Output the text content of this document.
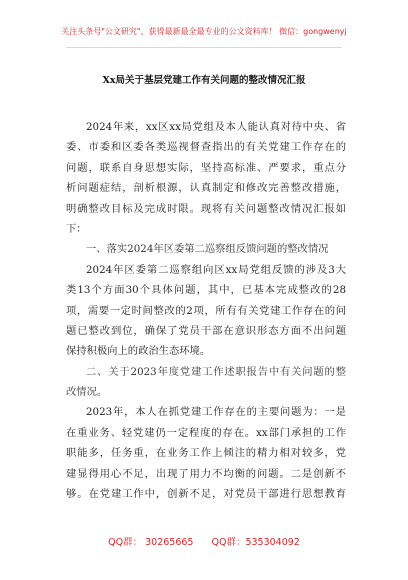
关注头条号"公文研究"，获得最新最全最专业的公文资料库！ 微信：gongwenyj
Xx局关于基层党建工作有关问题的整改情况汇报
2024年来，xx区xx局党组及本人能认真对待中央、省
委、市委和区委各类巡视督查指出的有关党建工作存在的
问题，联系自身思想实际，坚持高标准、严要求，重点分
析问题症结，剖析根源，认真制定和修改完善整改措施，
明确整改目标及完成时限。现将有关问题整改情况汇报如
下：
一、落实2024年区委第二巡察组反馈问题的整改情况
2024年区委第二巡察组向区xx局党组反馈的涉及3大
类13个方面30个具体问题，其中，已基本完成整改的28
项，需要一定时间整改的2项，所有有关党建工作存在的问
题已整改到位，确保了党员干部在意识形态方面不出问题
保持积极向上的政治生态环境。
二、关于2023年度党建工作述职报告中有关问题的整
改情况。
2023年，本人在抓党建工作存在的主要问题为：一是
在重业务、轻党建仍一定程度的存在。xx部门承担的工作
职能多，任务重，在业务工作上倾注的精力相对较多，党
建显得用心不足，出现了用力不均衡的问题。二是创新不
够。在党建工作中，创新不足，对党员干部进行思想教育
QQ群： 30265665 QQ群：535304092
